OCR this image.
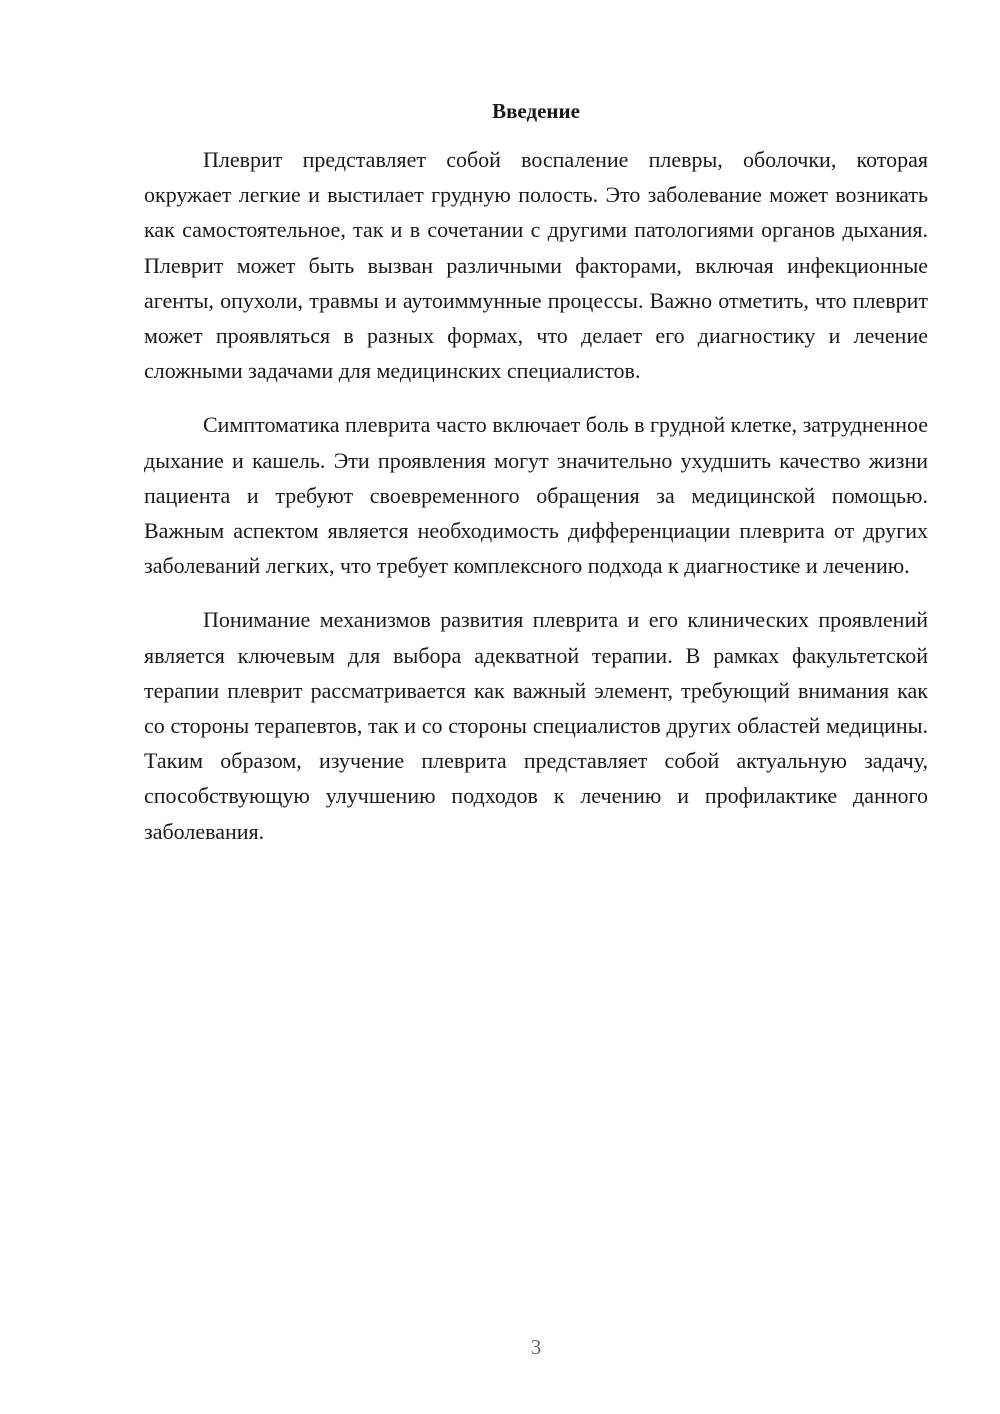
Введение

Плеврит представляет собой воспаление плевры, оболочки, которая окружает легкие и выстилает грудную полость. Это заболевание может возникать как самостоятельное, так и в сочетании с другими патологиями органов дыхания. Плеврит может быть вызван различными факторами, включая инфекционные агенты, опухоли, травмы и аутоиммунные процессы. Важно отметить, что плеврит может проявляться в разных формах, что делает его диагностику и лечение сложными задачами для медицинских специалистов.

Симптоматика плеврита часто включает боль в грудной клетке, затрудненное дыхание и кашель. Эти проявления могут значительно ухудшить качество жизни пациента и требуют своевременного обращения за медицинской помощью. Важным аспектом является необходимость дифференциации плеврита от других заболеваний легких, что требует комплексного подхода к диагностике и лечению.

Понимание механизмов развития плеврита и его клинических проявлений является ключевым для выбора адекватной терапии. В рамках факультетской терапии плеврит рассматривается как важный элемент, требующий внимания как со стороны терапевтов, так и со стороны специалистов других областей медицины. Таким образом, изучение плеврита представляет собой актуальную задачу, способствующую улучшению подходов к лечению и профилактике данного заболевания.

3
